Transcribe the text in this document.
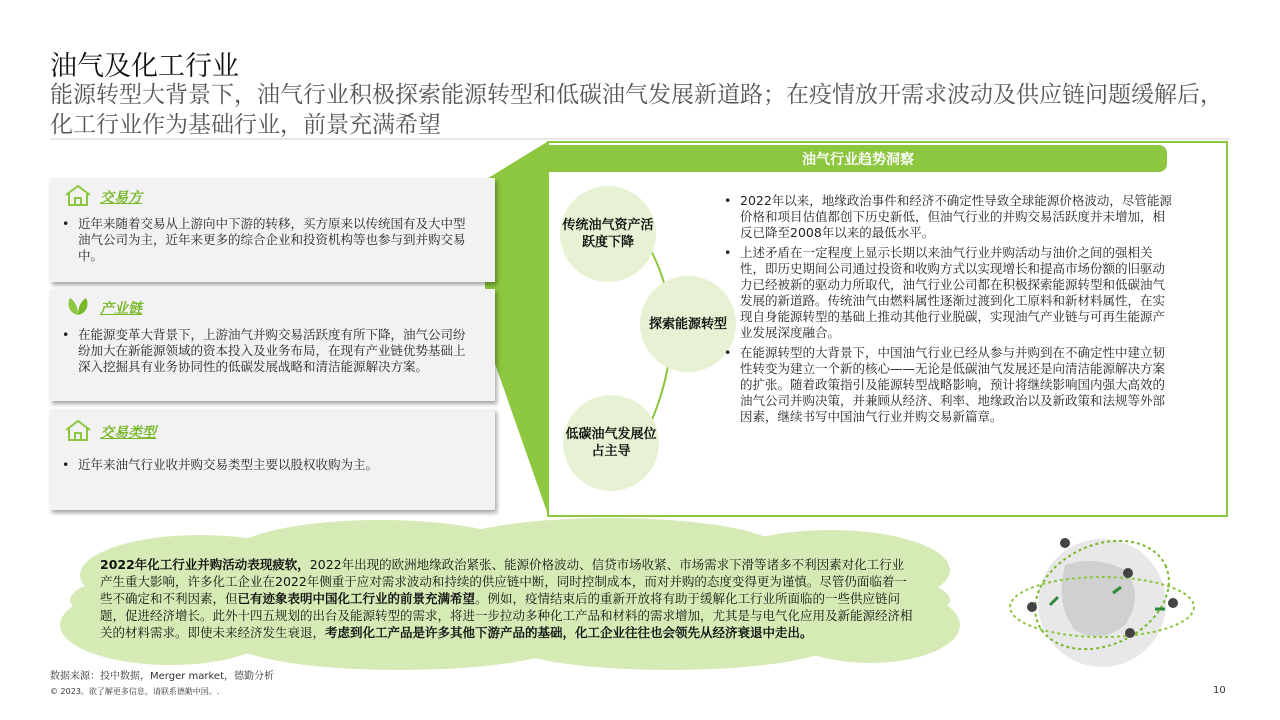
油气及化工行业
能源转型大背景下，油气行业积极探索能源转型和低碳油气发展新道路；在疫情放开需求波动及供应链问题缓解后，化工行业作为基础行业，前景充满希望
交易方
• 近年来随着交易从上游向中下游的转移，买方原来以传统国有及大中型油气公司为主，近年来更多的综合企业和投资机构等也参与到并购交易中。
产业链
• 在能源变革大背景下，上游油气并购交易活跃度有所下降，油气公司纷纷加大在新能源领域的资本投入及业务布局，在现有产业链优势基础上深入挖掘具有业务协同性的低碳发展战略和清洁能源解决方案。
交易类型
• 近年来油气行业收并购交易类型主要以股权收购为主。
油气行业趋势洞察
传统油气资产活跃度下降
探索能源转型
低碳油气发展位占主导
• 2022年以来，地缘政治事件和经济不确定性导致全球能源价格波动，尽管能源价格和项目估值都创下历史新低，但油气行业的并购交易活跃度并未增加，相反已降至2008年以来的最低水平。
• 上述矛盾在一定程度上显示长期以来油气行业并购活动与油价之间的强相关性，即历史期间公司通过投资和收购方式以实现增长和提高市场份额的旧驱动力已经被新的驱动力所取代，油气行业公司都在积极探索能源转型和低碳油气发展的新道路。传统油气由燃料属性逐渐过渡到化工原料和新材料属性，在实现自身能源转型的基础上推动其他行业脱碳，实现油气产业链与可再生能源产业发展深度融合。
• 在能源转型的大背景下，中国油气行业已经从参与并购到在不确定性中建立韧性转变为建立一个新的核心——无论是低碳油气发展还是向清洁能源解决方案的扩张。随着政策指引及能源转型战略影响，预计将继续影响国内强大高效的油气公司并购决策，并兼顾从经济、利率、地缘政治以及新政策和法规等外部因素，继续书写中国油气行业并购交易新篇章。
2022年化工行业并购活动表现疲软，2022年出现的欧洲地缘政治紧张、能源价格波动、信贷市场收紧、市场需求下滑等诸多不利因素对化工行业产生重大影响，许多化工企业在2022年侧重于应对需求波动和持续的供应链中断，同时控制成本，而对并购的态度变得更为谨慎。尽管仍面临着一些不确定和不利因素，但已有迹象表明中国化工行业的前景充满希望。例如，疫情结束后的重新开放将有助于缓解化工行业所面临的一些供应链问题，促进经济增长。此外十四五规划的出台及能源转型的需求，将进一步拉动多种化工产品和材料的需求增加，尤其是与电气化应用及新能源经济相关的材料需求。即使未来经济发生衰退，考虑到化工产品是许多其他下游产品的基础，化工企业往往也会领先从经济衰退中走出。
数据来源：投中数据，Merger market，德勤分析
© 2023。欲了解更多信息，请联系德勤中国。.	10
